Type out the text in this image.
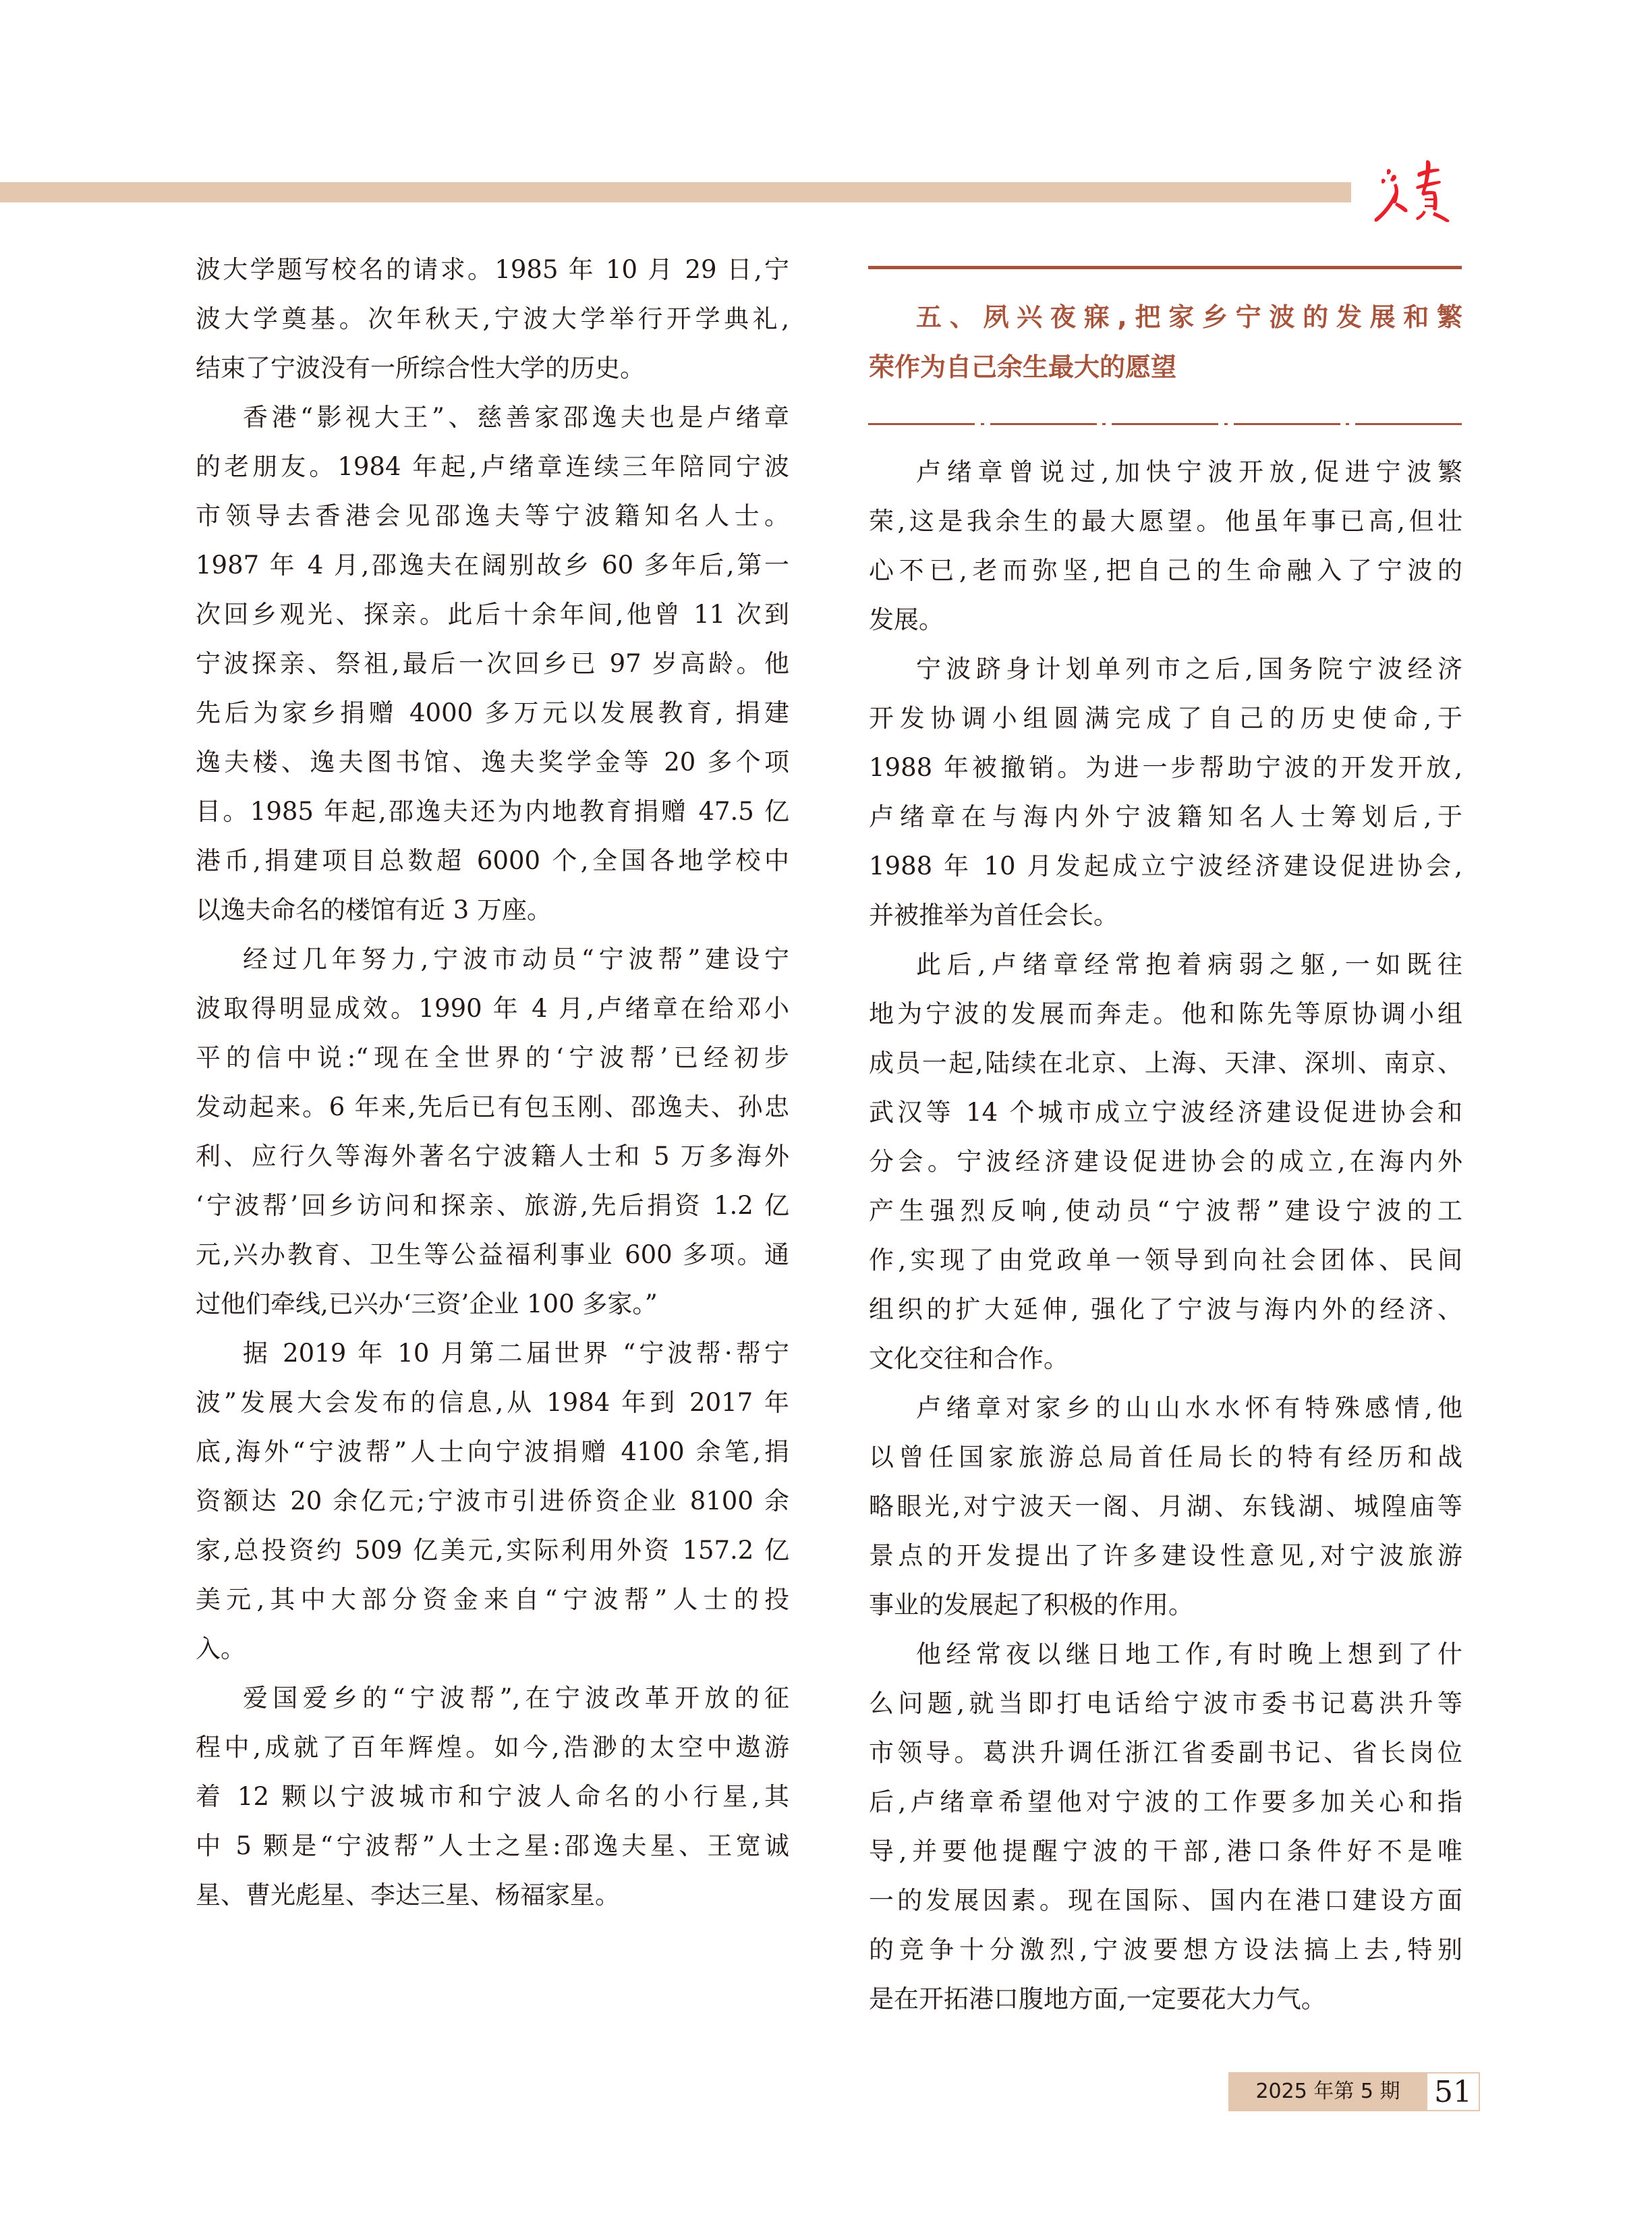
波大学题写校名的请求。1985 年 10 月 29 日,宁
波大学奠基。次年秋天,宁波大学举行开学典礼,
结束了宁波没有一所综合性大学的历史。
香港“影视大王”、慈善家邵逸夫也是卢绪章
的老朋友。1984 年起,卢绪章连续三年陪同宁波
市领导去香港会见邵逸夫等宁波籍知名人士。
1987 年 4 月,邵逸夫在阔别故乡 60 多年后,第一
次回乡观光、探亲。此后十余年间,他曾 11 次到
宁波探亲、祭祖,最后一次回乡已 97 岁高龄。他
先后为家乡捐赠 4000 多万元以发展教育, 捐建
逸夫楼、逸夫图书馆、逸夫奖学金等 20 多个项
目。1985 年起,邵逸夫还为内地教育捐赠 47.5 亿
港币,捐建项目总数超 6000 个,全国各地学校中
以逸夫命名的楼馆有近 3 万座。
经过几年努力,宁波市动员“宁波帮”建设宁
波取得明显成效。1990 年 4 月,卢绪章在给邓小
平的信中说:“现在全世界的‘宁波帮’已经初步
发动起来。6 年来,先后已有包玉刚、邵逸夫、孙忠
利、应行久等海外著名宁波籍人士和 5 万多海外
‘宁波帮’回乡访问和探亲、旅游,先后捐资 1.2 亿
元,兴办教育、卫生等公益福利事业 600 多项。通
过他们牵线,已兴办‘三资’企业 100 多家。”
据 2019 年 10 月第二届世界 “宁波帮·帮宁
波”发展大会发布的信息,从 1984 年到 2017 年
底,海外“宁波帮”人士向宁波捐赠 4100 余笔,捐
资额达 20 余亿元;宁波市引进侨资企业 8100 余
家,总投资约 509 亿美元,实际利用外资 157.2 亿
美元,其中大部分资金来自“宁波帮”人士的投
入。
爱国爱乡的“宁波帮”,在宁波改革开放的征
程中,成就了百年辉煌。如今,浩渺的太空中遨游
着 12 颗以宁波城市和宁波人命名的小行星,其
中 5 颗是“宁波帮”人士之星:邵逸夫星、王宽诚
星、曹光彪星、李达三星、杨福家星。
五、夙兴夜寐,把家乡宁波的发展和繁
荣作为自己余生最大的愿望
卢绪章曾说过,加快宁波开放,促进宁波繁
荣,这是我余生的最大愿望。他虽年事已高,但壮
心不已,老而弥坚,把自己的生命融入了宁波的
发展。
宁波跻身计划单列市之后,国务院宁波经济
开发协调小组圆满完成了自己的历史使命,于
1988 年被撤销。为进一步帮助宁波的开发开放,
卢绪章在与海内外宁波籍知名人士筹划后,于
1988 年 10 月发起成立宁波经济建设促进协会,
并被推举为首任会长。
此后,卢绪章经常抱着病弱之躯,一如既往
地为宁波的发展而奔走。他和陈先等原协调小组
成员一起,陆续在北京、上海、天津、深圳、南京、
武汉等 14 个城市成立宁波经济建设促进协会和
分会。宁波经济建设促进协会的成立,在海内外
产生强烈反响,使动员“宁波帮”建设宁波的工
作,实现了由党政单一领导到向社会团体、民间
组织的扩大延伸, 强化了宁波与海内外的经济、
文化交往和合作。
卢绪章对家乡的山山水水怀有特殊感情,他
以曾任国家旅游总局首任局长的特有经历和战
略眼光,对宁波天一阁、月湖、东钱湖、城隍庙等
景点的开发提出了许多建设性意见,对宁波旅游
事业的发展起了积极的作用。
他经常夜以继日地工作,有时晚上想到了什
么问题,就当即打电话给宁波市委书记葛洪升等
市领导。葛洪升调任浙江省委副书记、省长岗位
后,卢绪章希望他对宁波的工作要多加关心和指
导,并要他提醒宁波的干部,港口条件好不是唯
一的发展因素。现在国际、国内在港口建设方面
的竞争十分激烈,宁波要想方设法搞上去,特别
是在开拓港口腹地方面,一定要花大力气。
2025 年第 5 期	51
